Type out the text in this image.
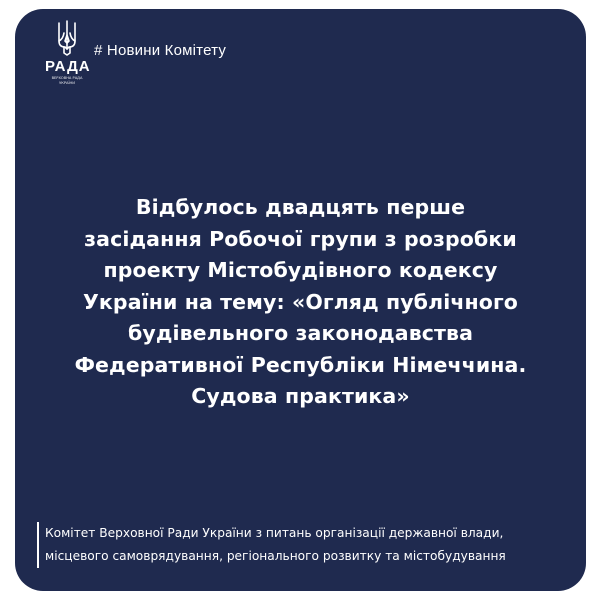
РАДА
ВЕРХОВНА РАДА
УКРАЇНИ
# Новини Комітету
Відбулось двадцять перше
засідання Робочої групи з розробки
проекту Містобудівного кодексу
України на тему: «Огляд публічного
будівельного законодавства
Федеративної Республіки Німеччина.
Судова практика»
Комітет Верховної Ради України з питань організації державної влади,
місцевого самоврядування, регіонального розвитку та містобудування
